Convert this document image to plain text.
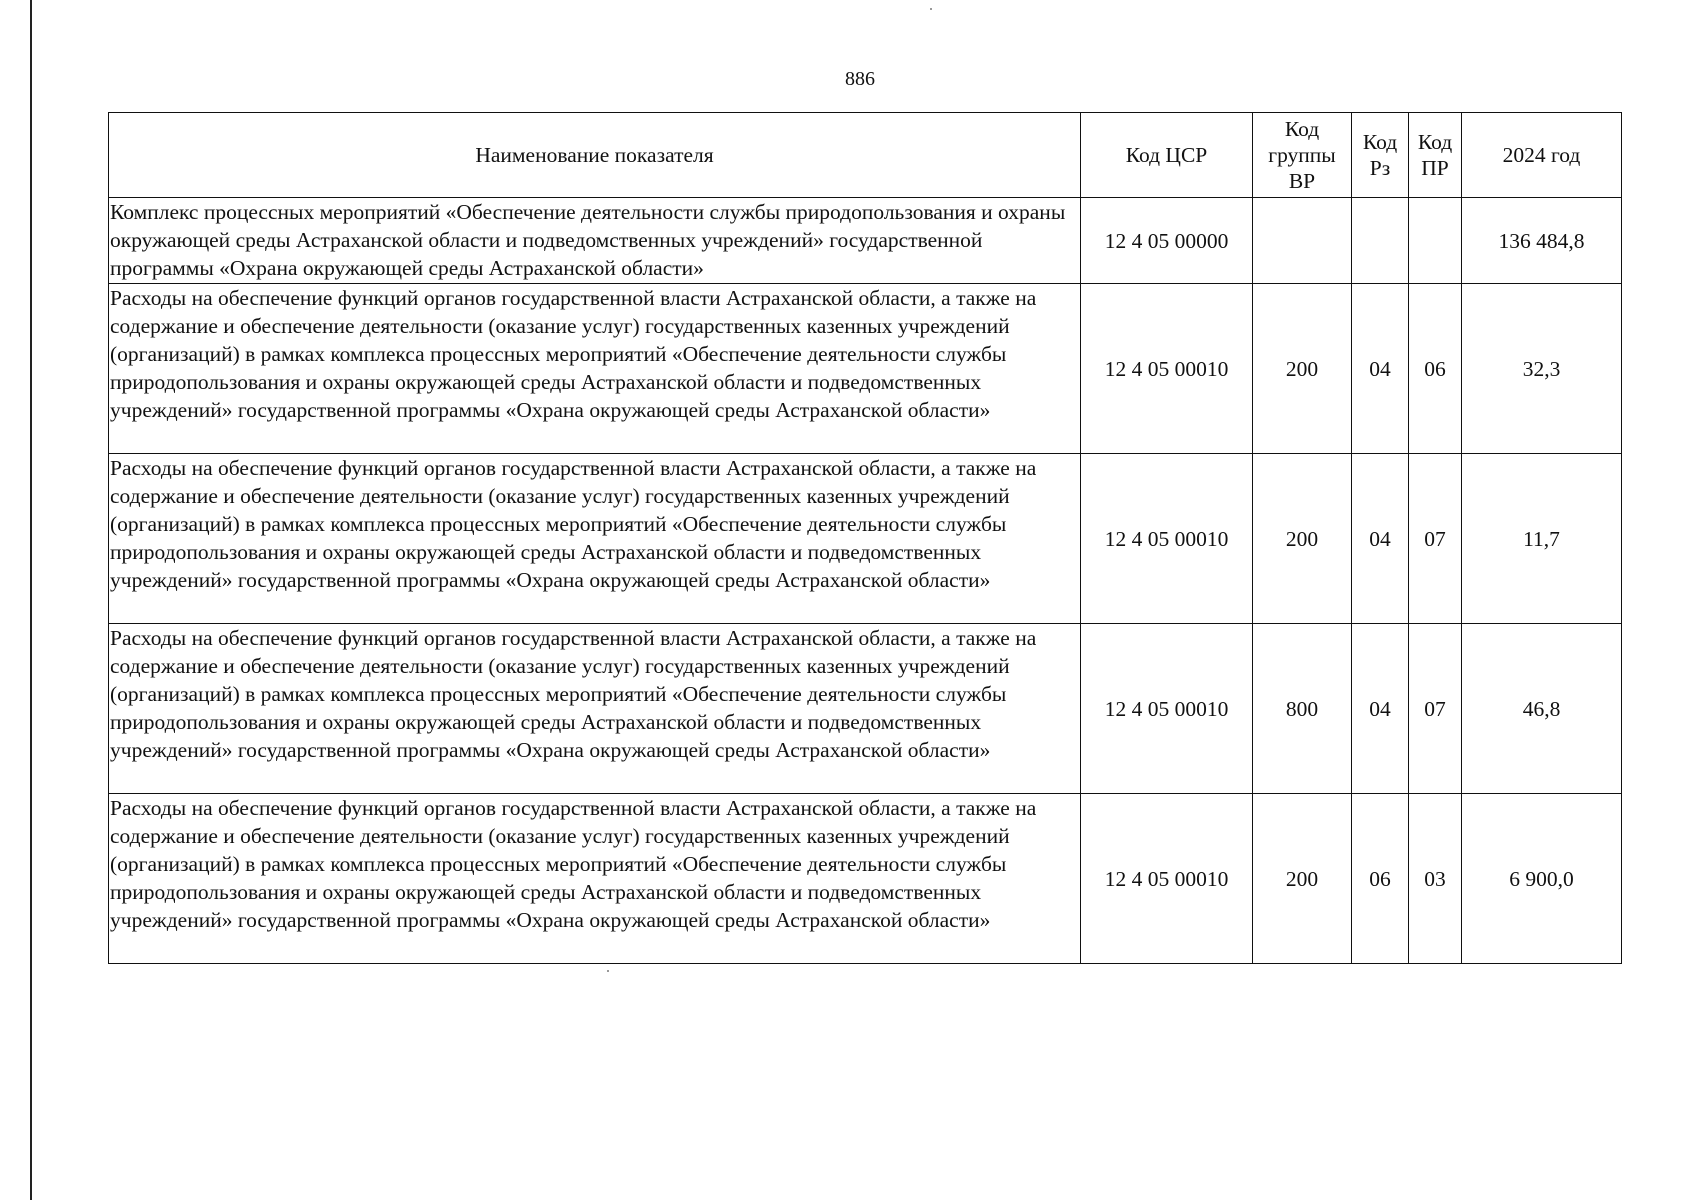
886
Наименование показателя	Код ЦСР	Код группы ВР	Код Рз	Код ПР	2024 год
Комплекс процессных мероприятий «Обеспечение деятельности службы природопользования и охраны окружающей среды Астраханской области и подведомственных учреждений» государственной программы «Охрана окружающей среды Астраханской области»	12 4 05 00000				136 484,8
Расходы на обеспечение функций органов государственной власти Астраханской области, а также на содержание и обеспечение деятельности (оказание услуг) государственных казенных учреждений (организаций) в рамках комплекса процессных мероприятий «Обеспечение деятельности службы природопользования и охраны окружающей среды Астраханской области и подведомственных учреждений» государственной программы «Охрана окружающей среды Астраханской области»	12 4 05 00010	200	04	06	32,3
Расходы на обеспечение функций органов государственной власти Астраханской области, а также на содержание и обеспечение деятельности (оказание услуг) государственных казенных учреждений (организаций) в рамках комплекса процессных мероприятий «Обеспечение деятельности службы природопользования и охраны окружающей среды Астраханской области и подведомственных учреждений» государственной программы «Охрана окружающей среды Астраханской области»	12 4 05 00010	200	04	07	11,7
Расходы на обеспечение функций органов государственной власти Астраханской области, а также на содержание и обеспечение деятельности (оказание услуг) государственных казенных учреждений (организаций) в рамках комплекса процессных мероприятий «Обеспечение деятельности службы природопользования и охраны окружающей среды Астраханской области и подведомственных учреждений» государственной программы «Охрана окружающей среды Астраханской области»	12 4 05 00010	800	04	07	46,8
Расходы на обеспечение функций органов государственной власти Астраханской области, а также на содержание и обеспечение деятельности (оказание услуг) государственных казенных учреждений (организаций) в рамках комплекса процессных мероприятий «Обеспечение деятельности службы природопользования и охраны окружающей среды Астраханской области и подведомственных учреждений» государственной программы «Охрана окружающей среды Астраханской области»	12 4 05 00010	200	06	03	6 900,0
